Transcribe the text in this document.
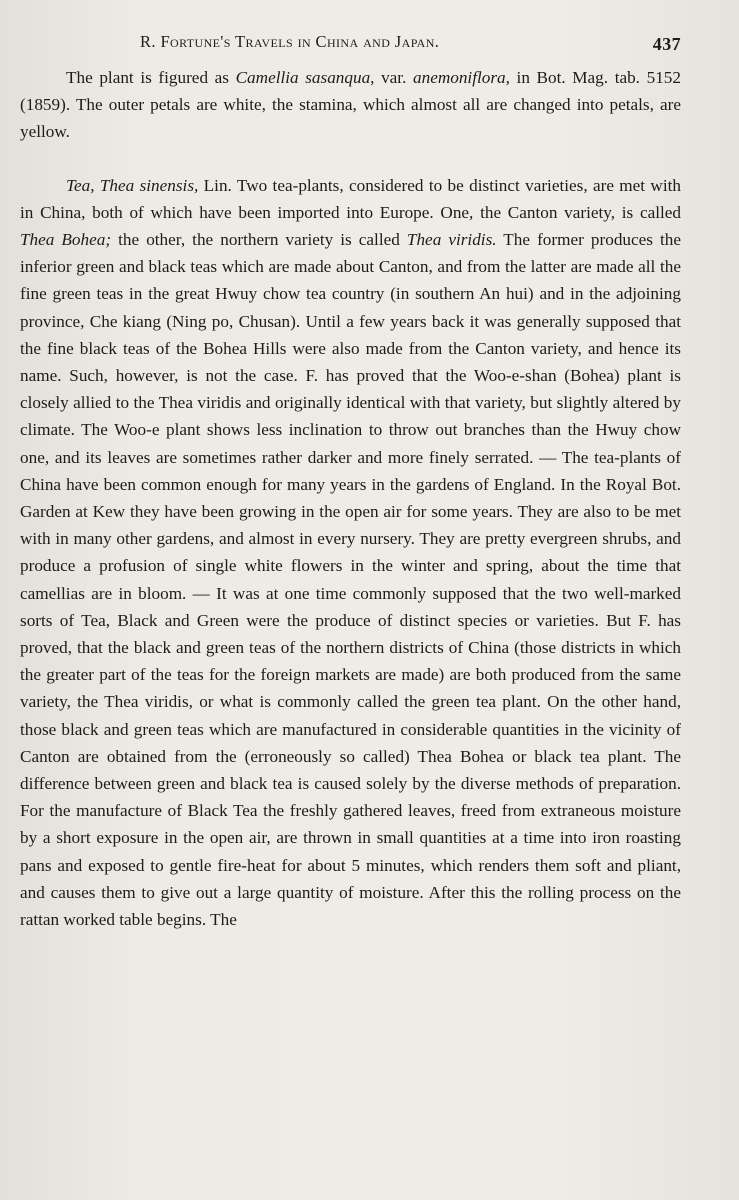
R. Fortune's Travels in China and Japan.	437

The plant is figured as Camellia sasanqua, var. anemoniflora, in Bot. Mag. tab. 5152 (1859). The outer petals are white, the stamina, which almost all are changed into petals, are yellow.

Tea, Thea sinensis, Lin. Two tea-plants, considered to be distinct varieties, are met with in China, both of which have been imported into Europe. One, the Canton variety, is called Thea Bohea; the other, the northern variety is called Thea viridis. The former produces the inferior green and black teas which are made about Canton, and from the latter are made all the fine green teas in the great Hwuy chow tea country (in southern An hui) and in the adjoining province, Che kiang (Ning po, Chusan). Until a few years back it was generally supposed that the fine black teas of the Bohea Hills were also made from the Canton variety, and hence its name. Such, however, is not the case. F. has proved that the Woo-e-shan (Bohea) plant is closely allied to the Thea viridis and originally identical with that variety, but slightly altered by climate. The Woo-e plant shows less inclination to throw out branches than the Hwuy chow one, and its leaves are sometimes rather darker and more finely serrated. — The tea-plants of China have been common enough for many years in the gardens of England. In the Royal Bot. Garden at Kew they have been growing in the open air for some years. They are also to be met with in many other gardens, and almost in every nursery. They are pretty evergreen shrubs, and produce a profusion of single white flowers in the winter and spring, about the time that camellias are in bloom. — It was at one time commonly supposed that the two well-marked sorts of Tea, Black and Green were the produce of distinct species or varieties. But F. has proved, that the black and green teas of the northern districts of China (those districts in which the greater part of the teas for the foreign markets are made) are both produced from the same variety, the Thea viridis, or what is commonly called the green tea plant. On the other hand, those black and green teas which are manufactured in considerable quantities in the vicinity of Canton are obtained from the (erroneously so called) Thea Bohea or black tea plant. The difference between green and black tea is caused solely by the diverse methods of preparation. For the manufacture of Black Tea the freshly gathered leaves, freed from extraneous moisture by a short exposure in the open air, are thrown in small quantities at a time into iron roasting pans and exposed to gentle fire-heat for about 5 minutes, which renders them soft and pliant, and causes them to give out a large quantity of moisture. After this the rolling process on the rattan worked table begins. The
